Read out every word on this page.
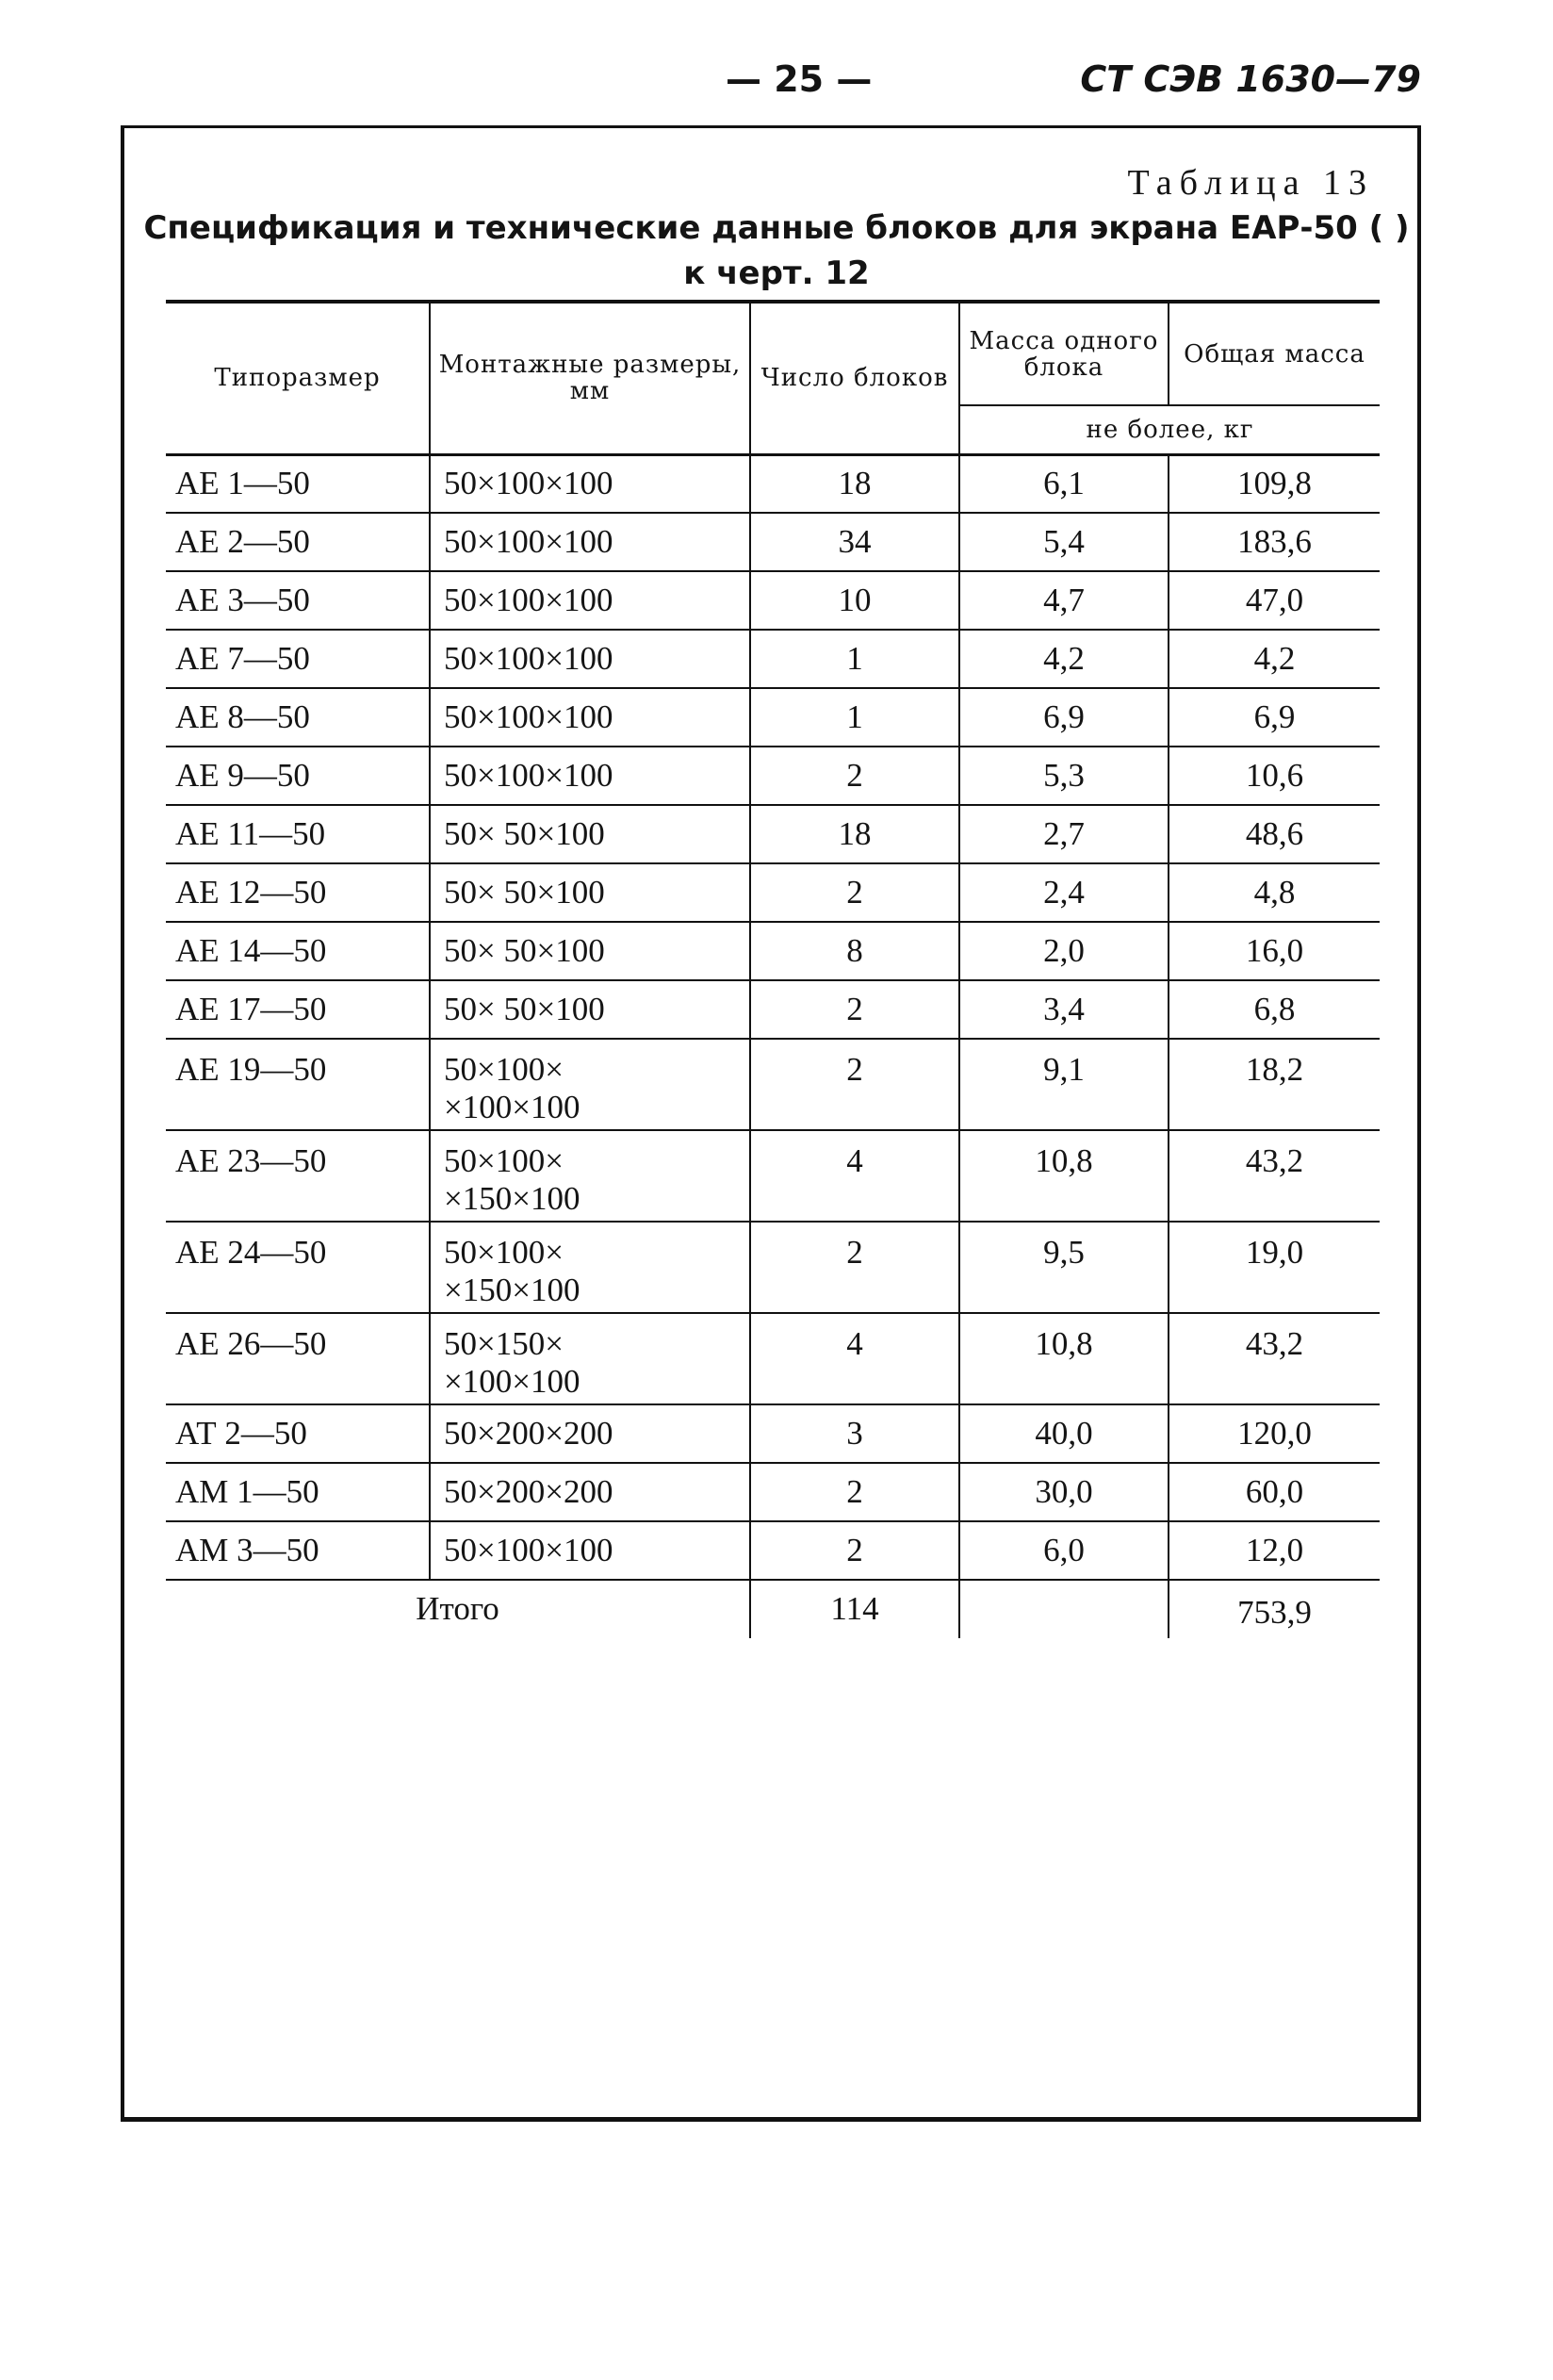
— 25 —	СТ СЭВ 1630—79
Таблица 13
Спецификация и технические данные блоков для экрана ЕАР-50 ( )
к черт. 12
Типоразмер	Монтажные размеры, мм	Число блоков	Масса одного блока	Общая масса
			не более, кг	
АЕ 1—50	50×100×100	18	6,1	109,8
АЕ 2—50	50×100×100	34	5,4	183,6
АЕ 3—50	50×100×100	10	4,7	47,0
АЕ 7—50	50×100×100	1	4,2	4,2
АЕ 8—50	50×100×100	1	6,9	6,9
АЕ 9—50	50×100×100	2	5,3	10,6
АЕ 11—50	50× 50×100	18	2,7	48,6
АЕ 12—50	50× 50×100	2	2,4	4,8
АЕ 14—50	50× 50×100	8	2,0	16,0
АЕ 17—50	50× 50×100	2	3,4	6,8
АЕ 19—50	50×100×
×100×100	2	9,1	18,2
АЕ 23—50	50×100×
×150×100	4	10,8	43,2
АЕ 24—50	50×100×
×150×100	2	9,5	19,0
АЕ 26—50	50×150×
×100×100	4	10,8	43,2
АТ 2—50	50×200×200	3	40,0	120,0
АМ 1—50	50×200×200	2	30,0	60,0
АМ 3—50	50×100×100	2	6,0	12,0
Итого		114		753,9
